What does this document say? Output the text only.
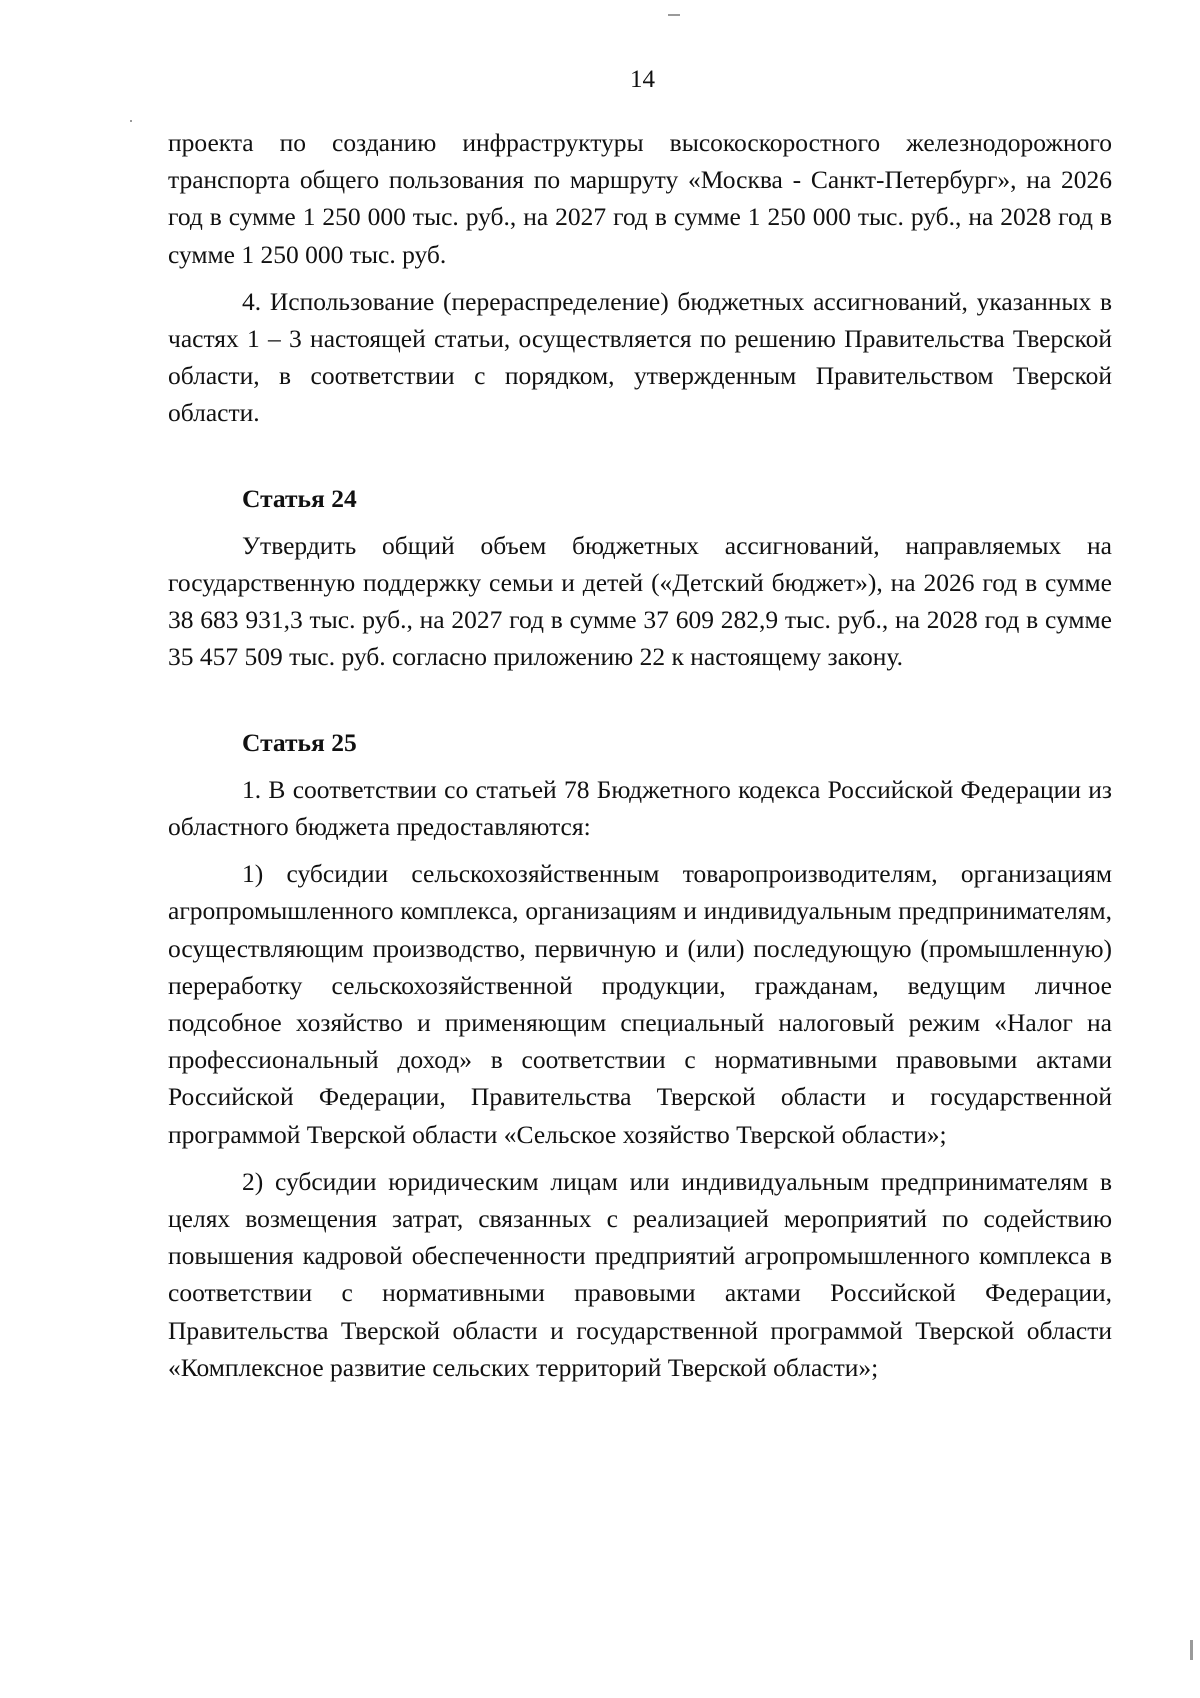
14

проекта по созданию инфраструктуры высокоскоростного железнодорожного транспорта общего пользования по маршруту «Москва - Санкт-Петербург», на 2026 год в сумме 1 250 000 тыс. руб., на 2027 год в сумме 1 250 000 тыс. руб., на 2028 год в сумме 1 250 000 тыс. руб.

4. Использование (перераспределение) бюджетных ассигнований, указанных в частях 1 – 3 настоящей статьи, осуществляется по решению Правительства Тверской области, в соответствии с порядком, утвержденным Правительством Тверской области.

Статья 24

Утвердить общий объем бюджетных ассигнований, направляемых на государственную поддержку семьи и детей («Детский бюджет»), на 2026 год в сумме 38 683 931,3 тыс. руб., на 2027 год в сумме 37 609 282,9 тыс. руб., на 2028 год в сумме 35 457 509 тыс. руб. согласно приложению 22 к настоящему закону.

Статья 25

1. В соответствии со статьей 78 Бюджетного кодекса Российской Федерации из областного бюджета предоставляются:

1) субсидии сельскохозяйственным товаропроизводителям, организациям агропромышленного комплекса, организациям и индивидуальным предпринимателям, осуществляющим производство, первичную и (или) последующую (промышленную) переработку сельскохозяйственной продукции, гражданам, ведущим личное подсобное хозяйство и применяющим специальный налоговый режим «Налог на профессиональный доход» в соответствии с нормативными правовыми актами Российской Федерации, Правительства Тверской области и государственной программой Тверской области «Сельское хозяйство Тверской области»;

2) субсидии юридическим лицам или индивидуальным предпринимателям в целях возмещения затрат, связанных с реализацией мероприятий по содействию повышения кадровой обеспеченности предприятий агропромышленного комплекса в соответствии с нормативными правовыми актами Российской Федерации, Правительства Тверской области и государственной программой Тверской области «Комплексное развитие сельских территорий Тверской области»;
